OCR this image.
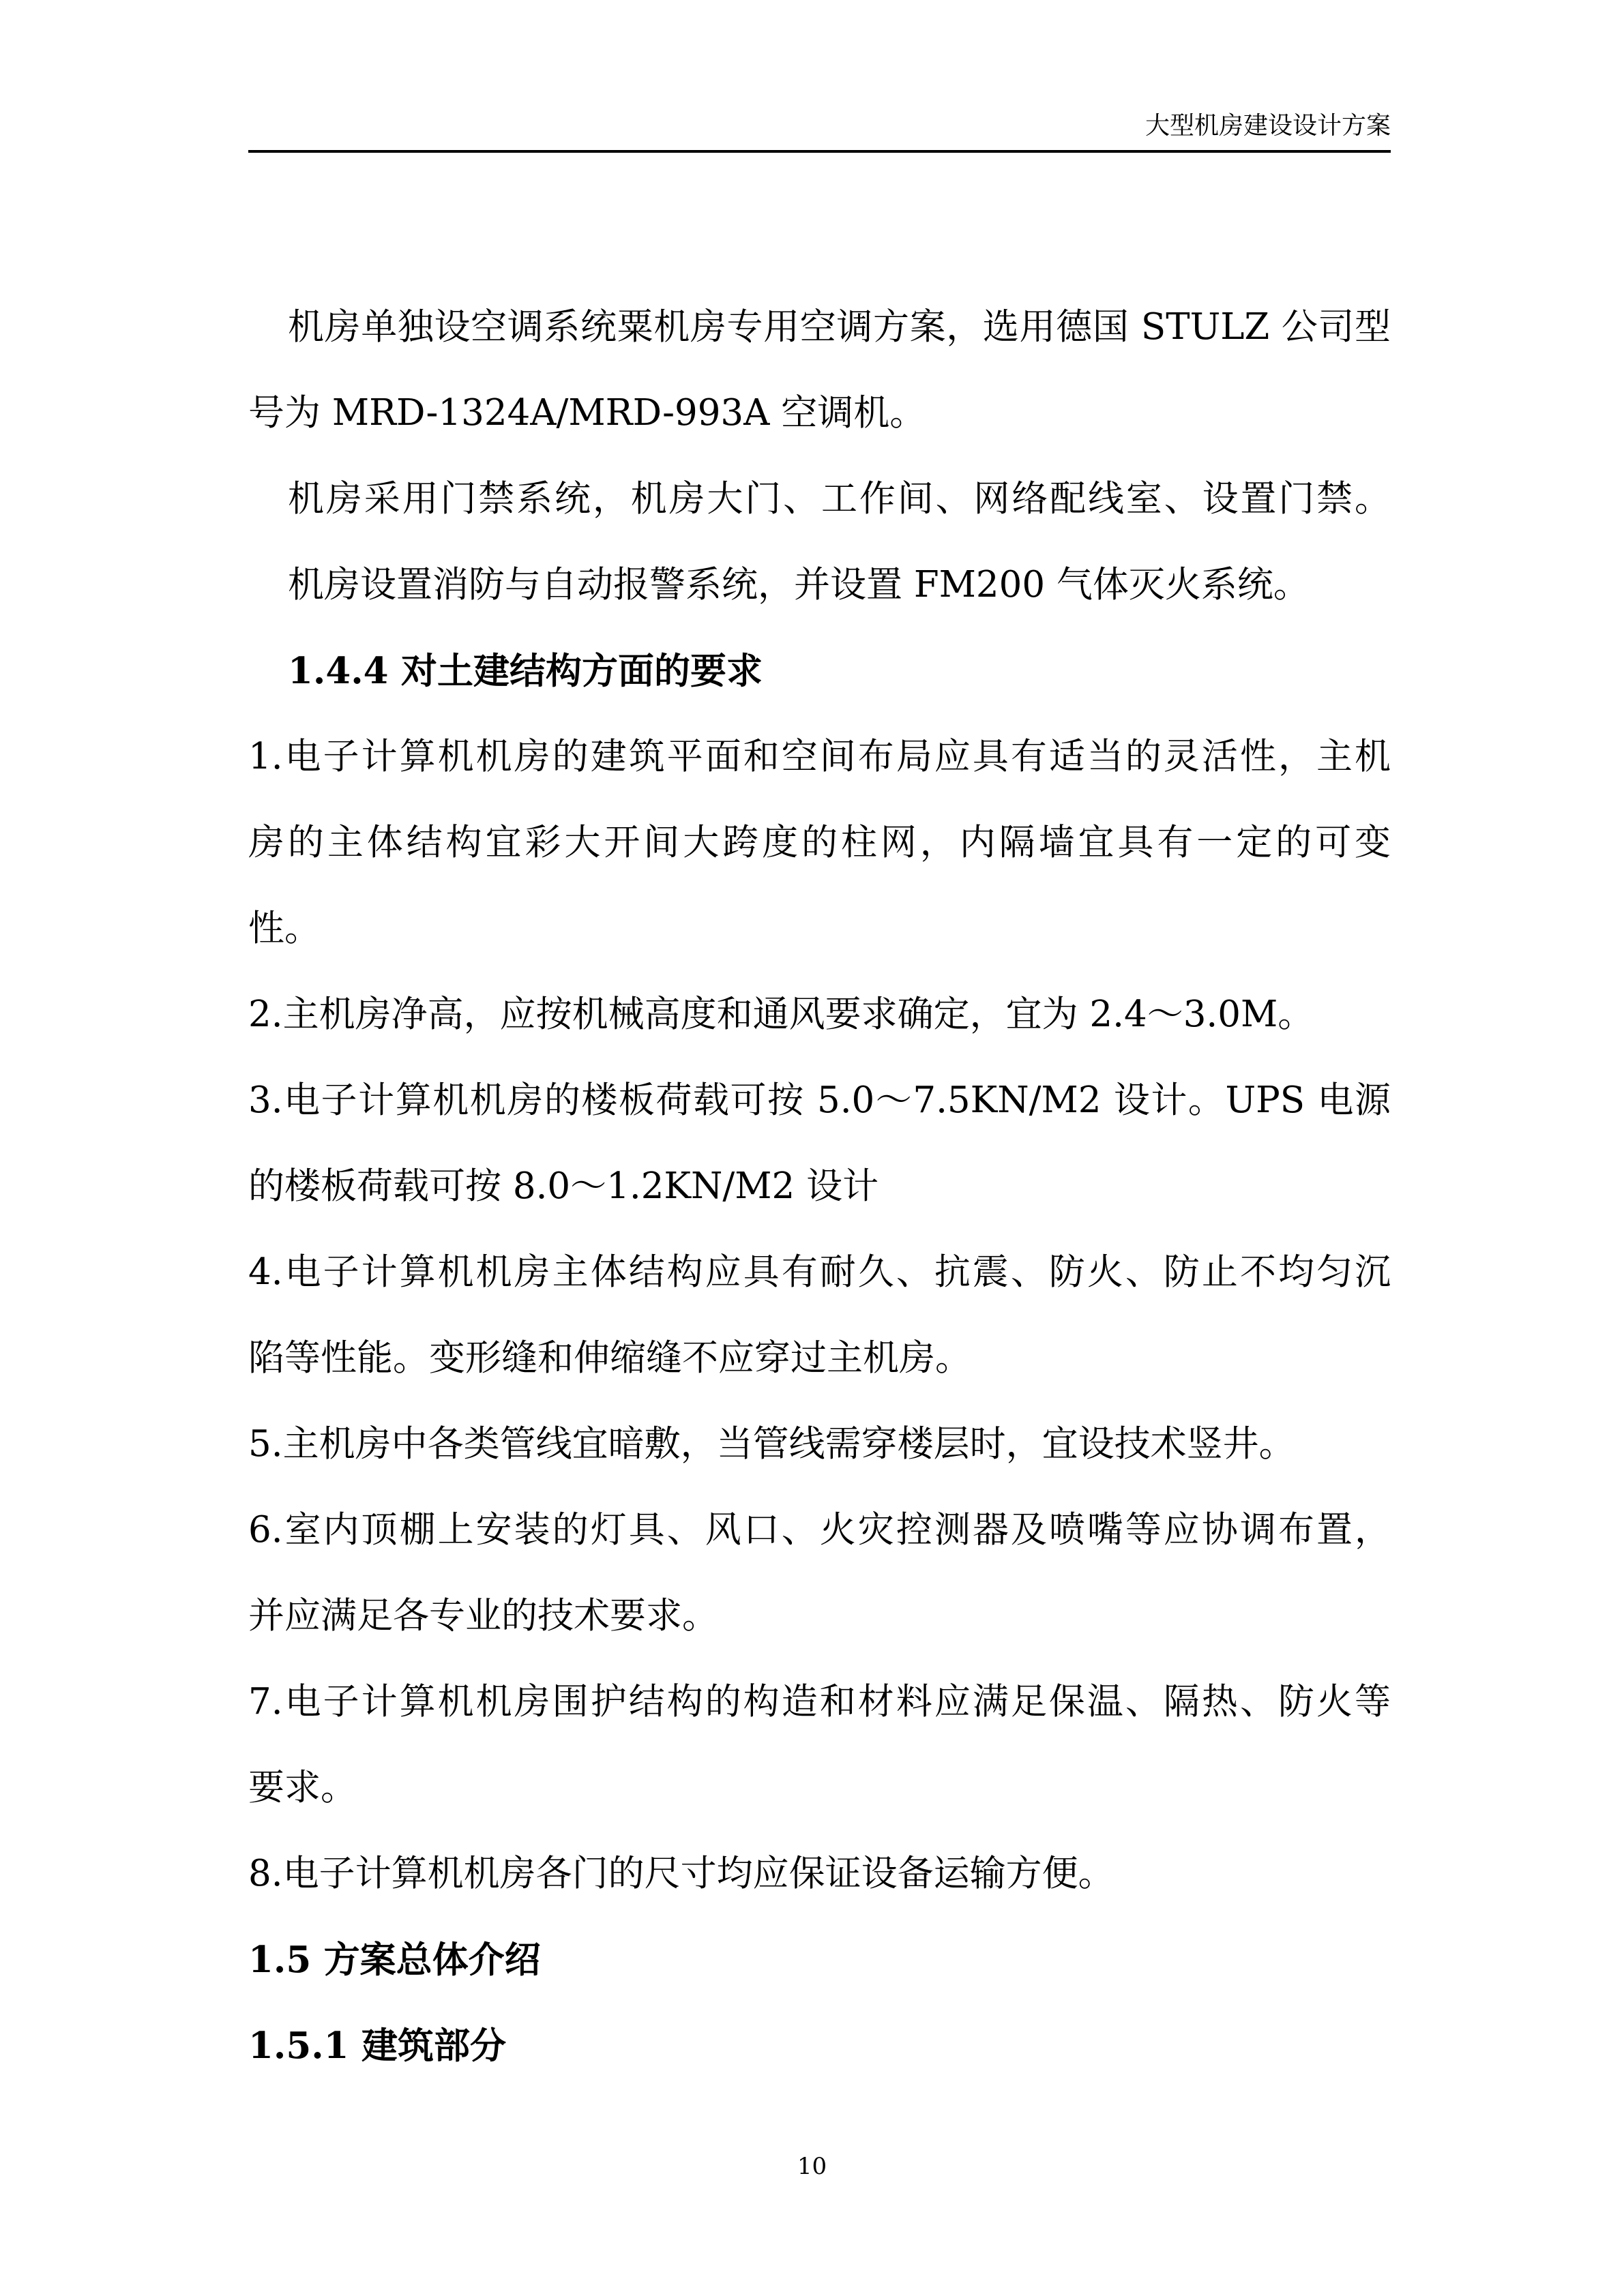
大型机房建设设计方案
机房单独设空调系统粟机房专用空调方案，选用德国 STULZ 公司型
号为 MRD-1324A/MRD-993A 空调机。
机房采用门禁系统，机房大门、工作间、网络配线室、设置门禁。
机房设置消防与自动报警系统，并设置 FM200 气体灭火系统。
1.4.4 对土建结构方面的要求
1.电子计算机机房的建筑平面和空间布局应具有适当的灵活性，主机
房的主体结构宜彩大开间大跨度的柱网，内隔墙宜具有一定的可变
性。
2.主机房净高，应按机械高度和通风要求确定，宜为 2.4～3.0M。
3.电子计算机机房的楼板荷载可按 5.0～7.5KN/M2 设计。UPS 电源
的楼板荷载可按 8.0～1.2KN/M2 设计
4.电子计算机机房主体结构应具有耐久、抗震、防火、防止不均匀沉
陷等性能。变形缝和伸缩缝不应穿过主机房。
5.主机房中各类管线宜暗敷，当管线需穿楼层时，宜设技术竖井。
6.室内顶棚上安装的灯具、风口、火灾控测器及喷嘴等应协调布置，
并应满足各专业的技术要求。
7.电子计算机机房围护结构的构造和材料应满足保温、隔热、防火等
要求。
8.电子计算机机房各门的尺寸均应保证设备运输方便。
1.5 方案总体介绍
1.5.1 建筑部分
10
